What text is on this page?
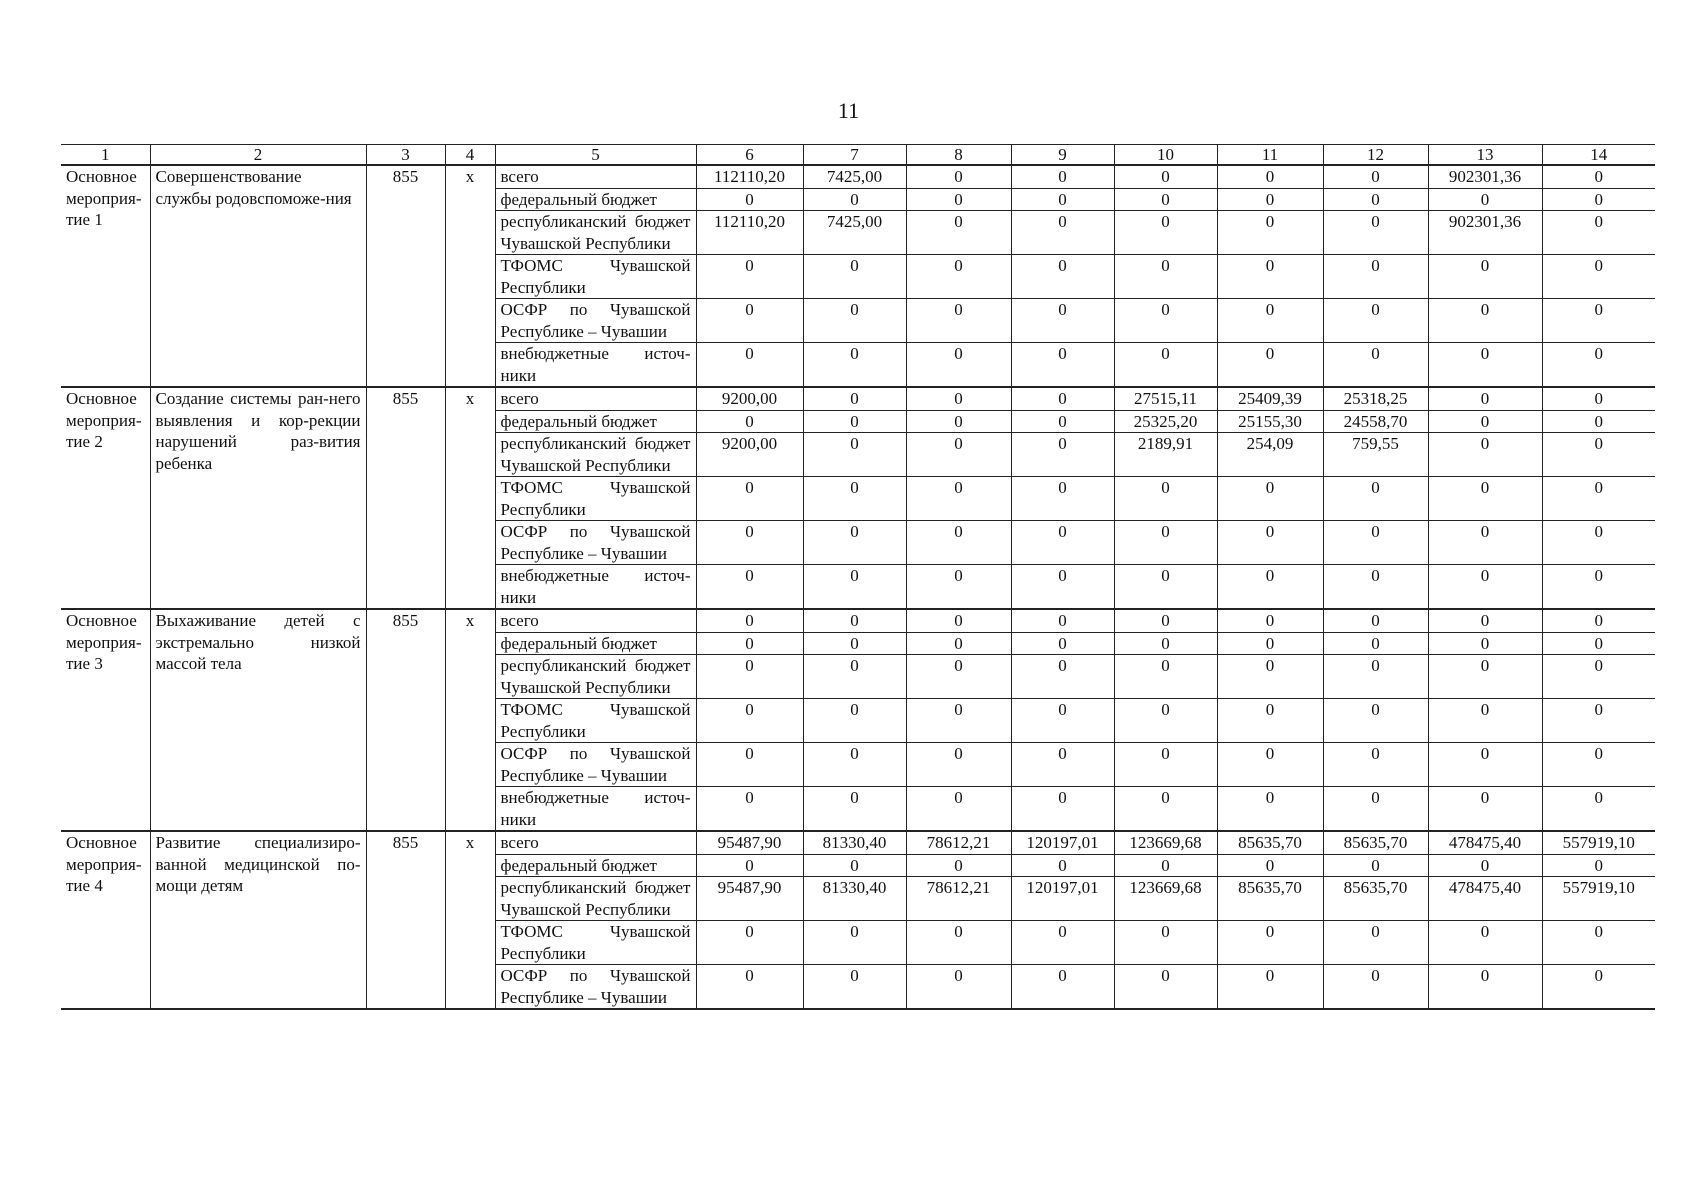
11
1	2	3	4	5	6	7	8	9	10	11	12	13	14
Основное мероприя-тие 1	Совершенствование службы родовспоможе-ния	855	х	всего	112110,20	7425,00	0	0	0	0	0	902301,36	0
				федеральный бюджет	0	0	0	0	0	0	0	0	0
				республиканский бюджет Чувашской Республики	112110,20	7425,00	0	0	0	0	0	902301,36	0
				ТФОМС Чувашской Республики	0	0	0	0	0	0	0	0	0
				ОСФР по Чувашской Республике – Чувашии	0	0	0	0	0	0	0	0	0
				внебюджетные источ-ники	0	0	0	0	0	0	0	0	0
Основное мероприя-тие 2	Создание системы ран-него выявления и кор-рекции нарушений раз-вития ребенка	855	х	всего	9200,00	0	0	0	27515,11	25409,39	25318,25	0	0
				федеральный бюджет	0	0	0	0	25325,20	25155,30	24558,70	0	0
				республиканский бюджет Чувашской Республики	9200,00	0	0	0	2189,91	254,09	759,55	0	0
				ТФОМС Чувашской Республики	0	0	0	0	0	0	0	0	0
				ОСФР по Чувашской Республике – Чувашии	0	0	0	0	0	0	0	0	0
				внебюджетные источ-ники	0	0	0	0	0	0	0	0	0
Основное мероприя-тие 3	Выхаживание детей с экстремально низкой массой тела	855	х	всего	0	0	0	0	0	0	0	0	0
				федеральный бюджет	0	0	0	0	0	0	0	0	0
				республиканский бюджет Чувашской Республики	0	0	0	0	0	0	0	0	0
				ТФОМС Чувашской Республики	0	0	0	0	0	0	0	0	0
				ОСФР по Чувашской Республике – Чувашии	0	0	0	0	0	0	0	0	0
				внебюджетные источ-ники	0	0	0	0	0	0	0	0	0
Основное мероприя-тие 4	Развитие специализиро-ванной медицинской по-мощи детям	855	х	всего	95487,90	81330,40	78612,21	120197,01	123669,68	85635,70	85635,70	478475,40	557919,10
				федеральный бюджет	0	0	0	0	0	0	0	0	0
				республиканский бюджет Чувашской Республики	95487,90	81330,40	78612,21	120197,01	123669,68	85635,70	85635,70	478475,40	557919,10
				ТФОМС Чувашской Республики	0	0	0	0	0	0	0	0	0
				ОСФР по Чувашской Республике – Чувашии	0	0	0	0	0	0	0	0	0
